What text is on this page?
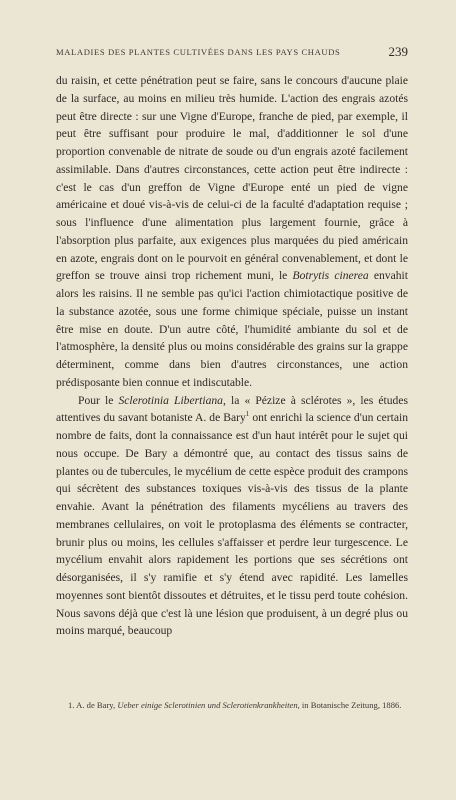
MALADIES DES PLANTES CULTIVÉES DANS LES PAYS CHAUDS	239

du raisin, et cette pénétration peut se faire, sans le concours d'aucune plaie de la surface, au moins en milieu très humide. L'action des engrais azotés peut être directe : sur une Vigne d'Europe, franche de pied, par exemple, il peut être suffisant pour produire le mal, d'additionner le sol d'une proportion convenable de nitrate de soude ou d'un engrais azoté facilement assimilable. Dans d'autres circonstances, cette action peut être indirecte : c'est le cas d'un greffon de Vigne d'Europe enté un pied de vigne américaine et doué vis-à-vis de celui-ci de la faculté d'adaptation requise ; sous l'influence d'une alimentation plus largement fournie, grâce à l'absorption plus parfaite, aux exigences plus marquées du pied américain en azote, engrais dont on le pourvoit en général convenablement, et dont le greffon se trouve ainsi trop richement muni, le Botrytis cinerea envahit alors les raisins. Il ne semble pas qu'ici l'action chimiotactique positive de la substance azotée, sous une forme chimique spéciale, puisse un instant être mise en doute. D'un autre côté, l'humidité ambiante du sol et de l'atmosphère, la densité plus ou moins considérable des grains sur la grappe déterminent, comme dans bien d'autres circonstances, une action prédisposante bien connue et indiscutable.

Pour le Sclerotinia Libertiana, la « Pézize à sclérotes », les études attentives du savant botaniste A. de Bary$^1$ ont enrichi la science d'un certain nombre de faits, dont la connaissance est d'un haut intérêt pour le sujet qui nous occupe. De Bary a démontré que, au contact des tissus sains de plantes ou de tubercules, le mycélium de cette espèce produit des crampons qui sécrètent des substances toxiques vis-à-vis des tissus de la plante envahie. Avant la pénétration des filaments mycéliens au travers des membranes cellulaires, on voit le protoplasma des éléments se contracter, brunir plus ou moins, les cellules s'affaisser et perdre leur turgescence. Le mycélium envahit alors rapidement les portions que ses sécrétions ont désorganisées, il s'y ramifie et s'y étend avec rapidité. Les lamelles moyennes sont bientôt dissoutes et détruites, et le tissu perd toute cohésion. Nous savons déjà que c'est là une lésion que produisent, à un degré plus ou moins marqué, beaucoup

1. A. de Bary, Ueber einige Sclerotinien und Sclerotienkrankheiten, in Botanische Zeitung, 1886.
